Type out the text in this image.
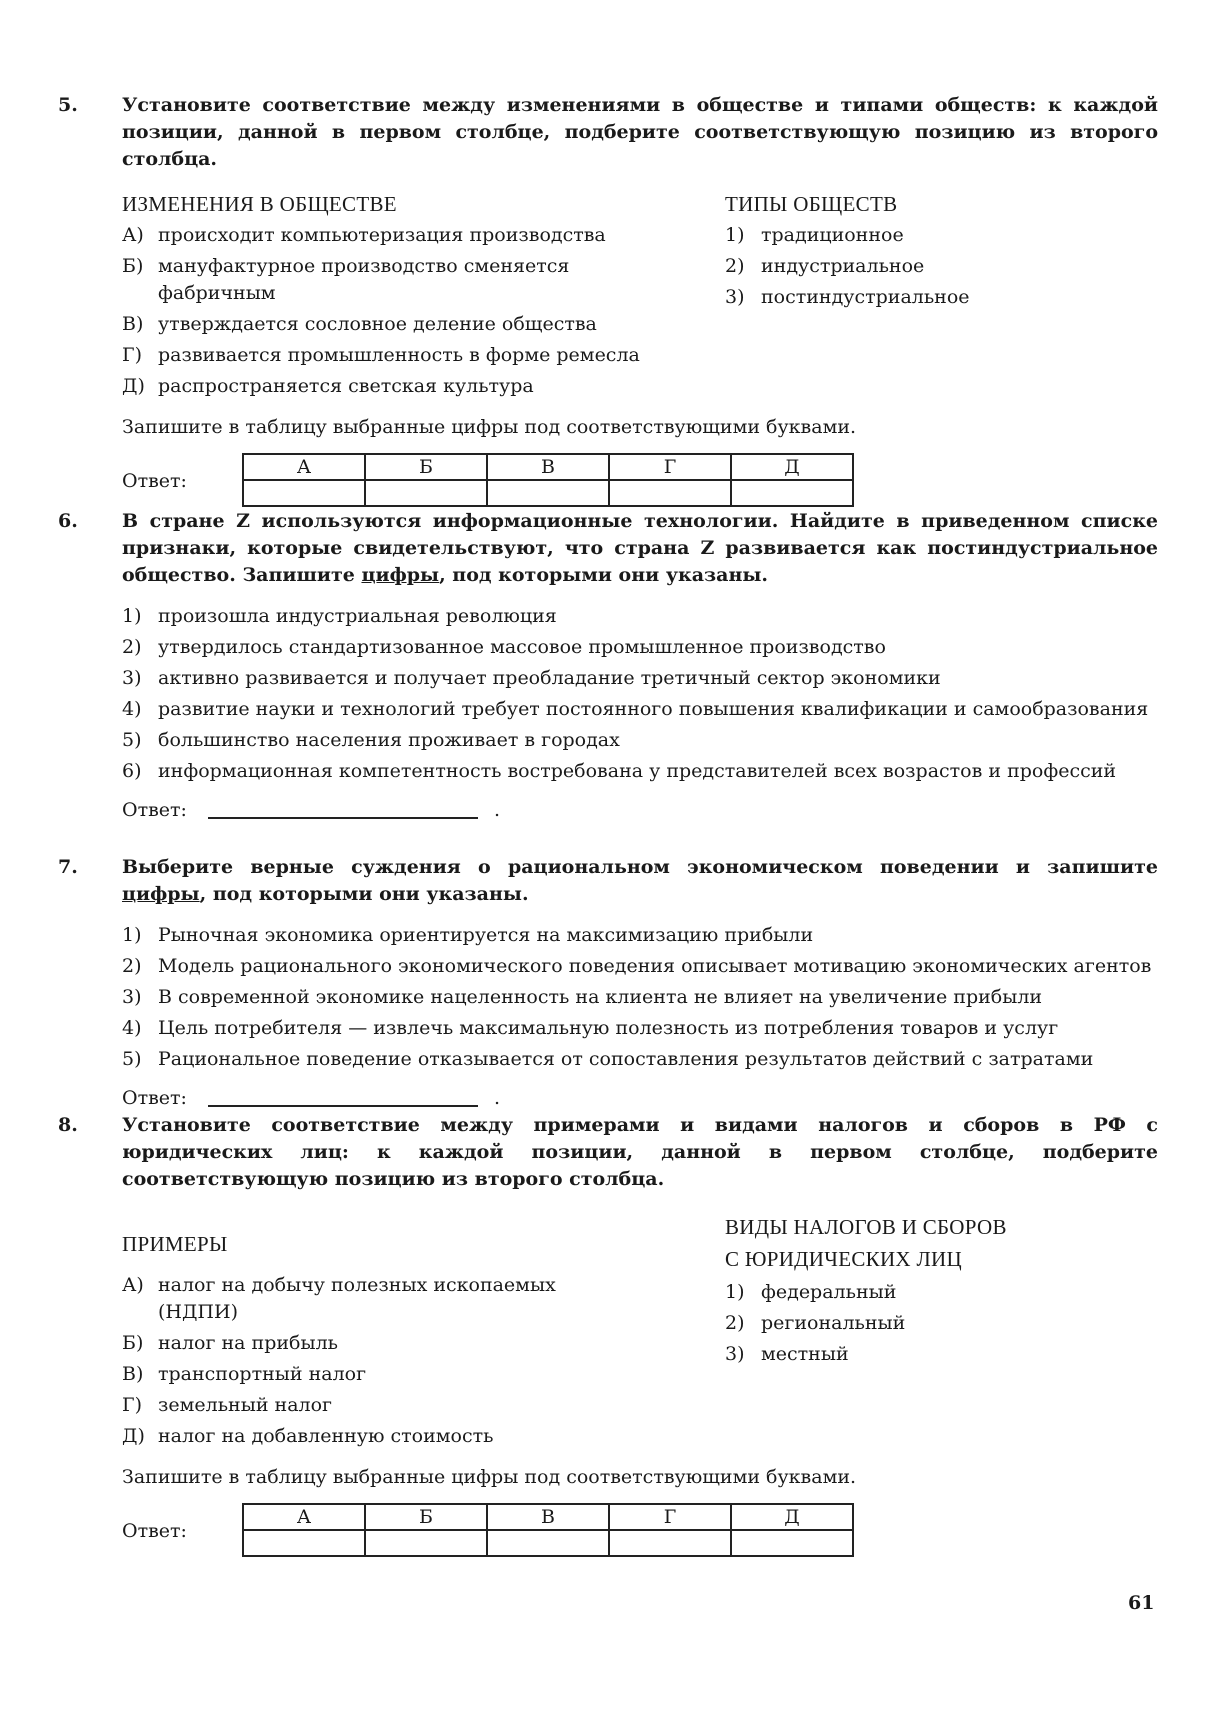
5. Установите соответствие между изменениями в обществе и типами обществ: к каждой позиции, данной в первом столбце, подберите соответствующую позицию из второго столбца.
ИЗМЕНЕНИЯ В ОБЩЕСТВЕ
А) происходит компьютеризация производства
Б) мануфактурное производство сменяется фабричным
В) утверждается сословное деление общества
Г) развивается промышленность в форме ремесла
Д) распространяется светская культура
ТИПЫ ОБЩЕСТВ
1) традиционное
2) индустриальное
3) постиндустриальное
Запишите в таблицу выбранные цифры под соответствующими буквами.
Ответ:
А	Б	В	Г	Д

6. В стране Z используются информационные технологии. Найдите в приведенном списке признаки, которые свидетельствуют, что страна Z развивается как постиндустриальное общество. Запишите цифры, под которыми они указаны.
1) произошла индустриальная революция
2) утвердилось стандартизованное массовое промышленное производство
3) активно развивается и получает преобладание третичный сектор экономики
4) развитие науки и технологий требует постоянного повышения квалификации и самообразования
5) большинство населения проживает в городах
6) информационная компетентность востребована у представителей всех возрастов и профессий
Ответ:	.
7. Выберите верные суждения о рациональном экономическом поведении и запишите цифры, под которыми они указаны.
1) Рыночная экономика ориентируется на максимизацию прибыли
2) Модель рационального экономического поведения описывает мотивацию экономических агентов
3) В современной экономике нацеленность на клиента не влияет на увеличение прибыли
4) Цель потребителя — извлечь максимальную полезность из потребления товаров и услуг
5) Рациональное поведение отказывается от сопоставления результатов действий с затратами
Ответ:	.
8. Установите соответствие между примерами и видами налогов и сборов в РФ с юридических лиц: к каждой позиции, данной в первом столбце, подберите соответствующую позицию из второго столбца.
ПРИМЕРЫ
А) налог на добычу полезных ископаемых (НДПИ)
Б) налог на прибыль
В) транспортный налог
Г) земельный налог
Д) налог на добавленную стоимость
ВИДЫ НАЛОГОВ И СБОРОВ
С ЮРИДИЧЕСКИХ ЛИЦ
1) федеральный
2) региональный
3) местный
Запишите в таблицу выбранные цифры под соответствующими буквами.
Ответ:
А	Б	В	Г	Д

61
